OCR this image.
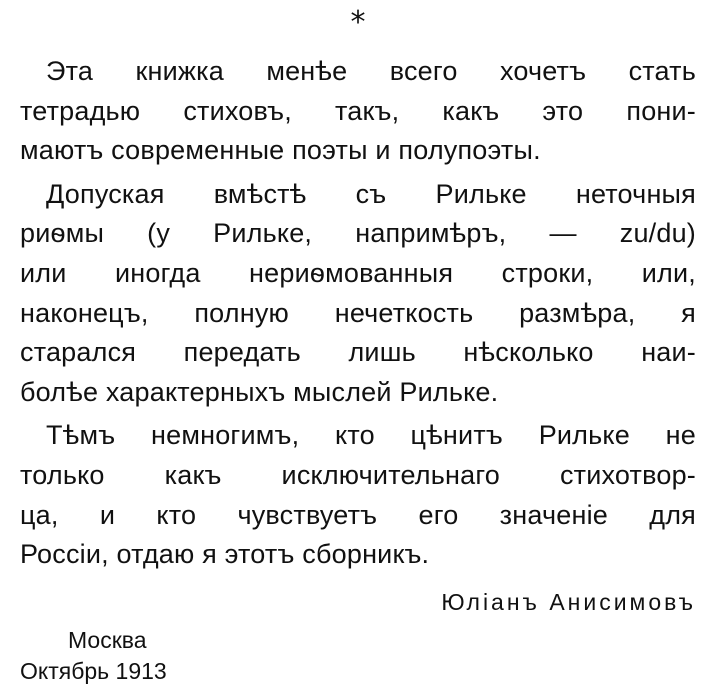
*

Эта книжка менѣе всего хочетъ стать
тетрадью стиховъ, такъ, какъ это пони-
маютъ современные поэты и полупоэты.

Допуская вмѣстѣ съ Рильке неточныя
риѳмы (у Рильке, напримѣръ, — zu/du)
или иногда нериѳмованныя строки, или,
наконецъ, полную нечеткость размѣра, я
старался передать лишь нѣсколько наи-
болѣе характерныхъ мыслей Рильке.

Тѣмъ немногимъ, кто цѣнитъ Рильке не
только какъ исключительнаго стихотвор-
ца, и кто чувствуетъ его значенiе для
Россiи, отдаю я этотъ сборникъ.

Юлiанъ Анисимовъ
Москва
Октябрь 1913
